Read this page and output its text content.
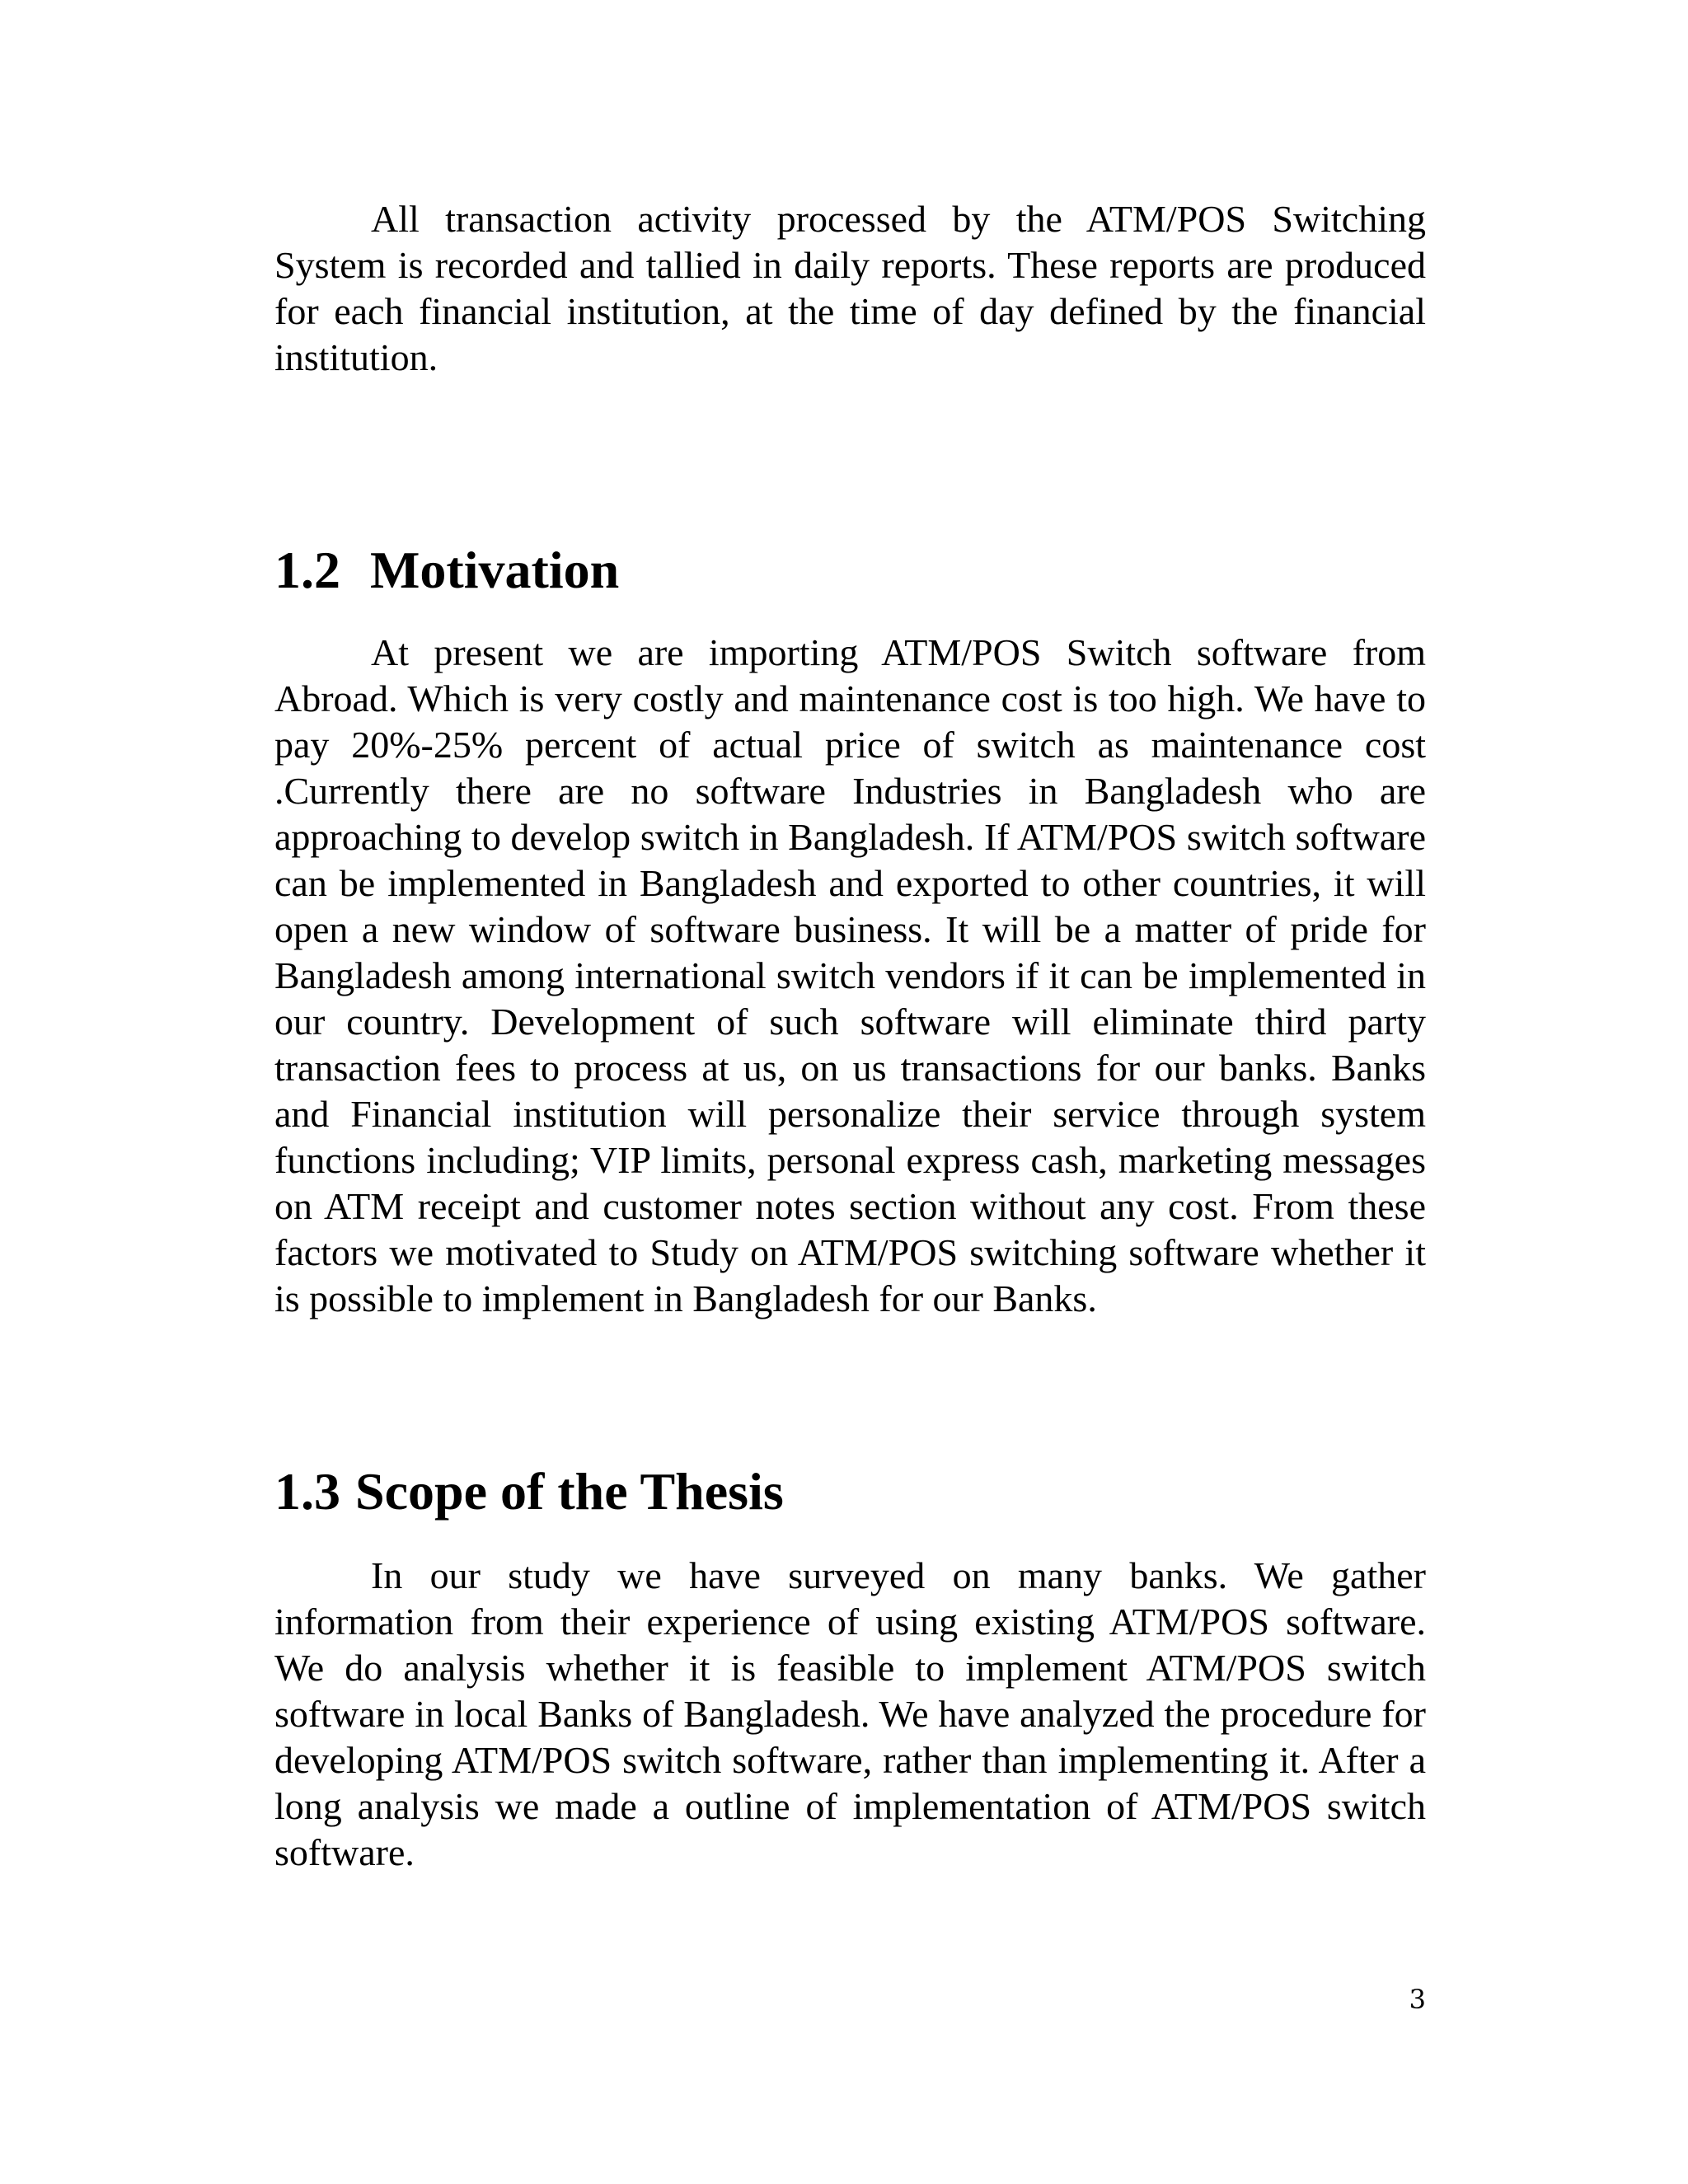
All transaction activity processed by the ATM/POS Switching System is recorded and tallied in daily reports. These reports are produced for each financial institution, at the time of day defined by the financial institution.

1.2 Motivation

At present we are importing ATM/POS Switch software from Abroad. Which is very costly and maintenance cost is too high. We have to pay 20%-25% percent of actual price of switch as maintenance cost .Currently there are no software Industries in Bangladesh who are approaching to develop switch in Bangladesh. If ATM/POS switch software can be implemented in Bangladesh and exported to other countries, it will open a new window of software business. It will be a matter of pride for Bangladesh among international switch vendors if it can be implemented in our country. Development of such software will eliminate third party transaction fees to process at us, on us transactions for our banks. Banks and Financial institution will personalize their service through system functions including; VIP limits, personal express cash, marketing messages on ATM receipt and customer notes section without any cost. From these factors we motivated to Study on ATM/POS switching software whether it is possible to implement in Bangladesh for our Banks.

1.3 Scope of the Thesis

In our study we have surveyed on many banks. We gather information from their experience of using existing ATM/POS software. We do analysis whether it is feasible to implement ATM/POS switch software in local Banks of Bangladesh. We have analyzed the procedure for developing ATM/POS switch software, rather than implementing it. After a long analysis we made a outline of implementation of ATM/POS switch software.

3
